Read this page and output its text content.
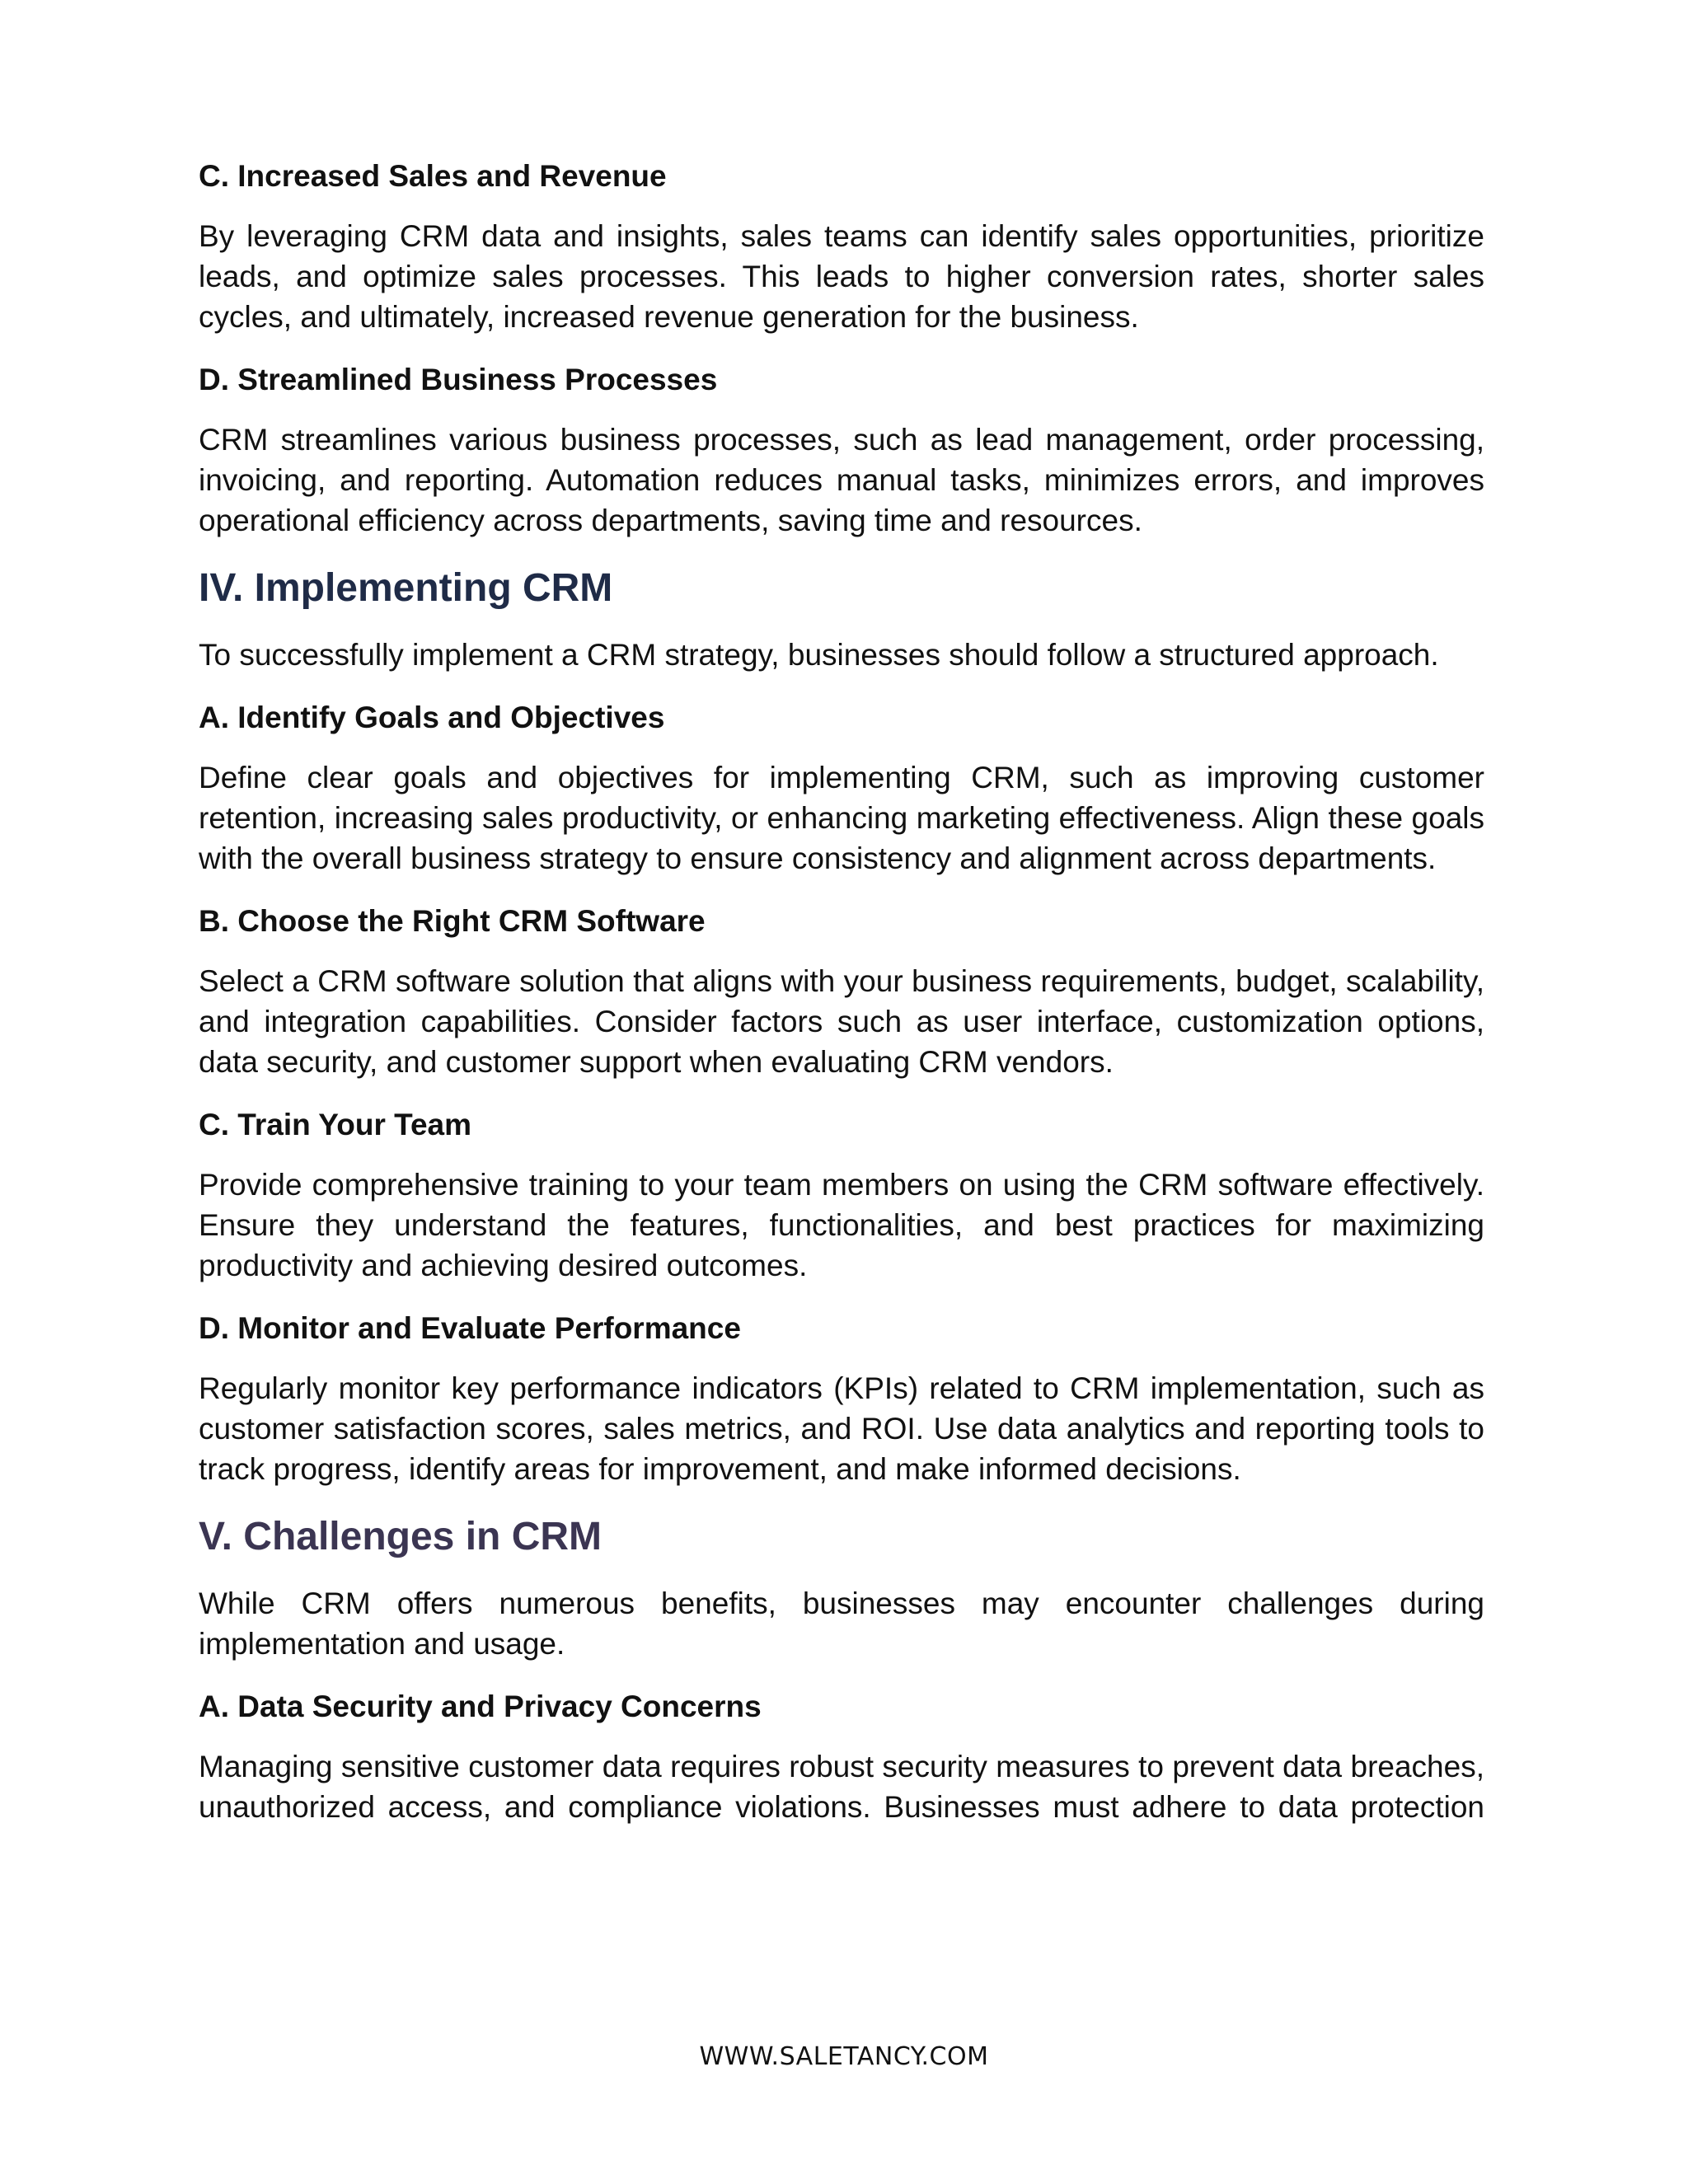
C. Increased Sales and Revenue

By leveraging CRM data and insights, sales teams can identify sales opportunities, prioritize leads, and optimize sales processes. This leads to higher conversion rates, shorter sales cycles, and ultimately, increased revenue generation for the business.

D. Streamlined Business Processes

CRM streamlines various business processes, such as lead management, order processing, invoicing, and reporting. Automation reduces manual tasks, minimizes errors, and improves operational efficiency across departments, saving time and resources.

IV. Implementing CRM

To successfully implement a CRM strategy, businesses should follow a structured approach.

A. Identify Goals and Objectives

Define clear goals and objectives for implementing CRM, such as improving customer retention, increasing sales productivity, or enhancing marketing effectiveness. Align these goals with the overall business strategy to ensure consistency and alignment across departments.

B. Choose the Right CRM Software

Select a CRM software solution that aligns with your business requirements, budget, scalability, and integration capabilities. Consider factors such as user interface, customization options, data security, and customer support when evaluating CRM vendors.

C. Train Your Team

Provide comprehensive training to your team members on using the CRM software effectively. Ensure they understand the features, functionalities, and best practices for maximizing productivity and achieving desired outcomes.

D. Monitor and Evaluate Performance

Regularly monitor key performance indicators (KPIs) related to CRM implementation, such as customer satisfaction scores, sales metrics, and ROI. Use data analytics and reporting tools to track progress, identify areas for improvement, and make informed decisions.

V. Challenges in CRM

While CRM offers numerous benefits, businesses may encounter challenges during implementation and usage.

A. Data Security and Privacy Concerns

Managing sensitive customer data requires robust security measures to prevent data breaches, unauthorized access, and compliance violations. Businesses must adhere to data protection

WWW.SALETANCY.COM
